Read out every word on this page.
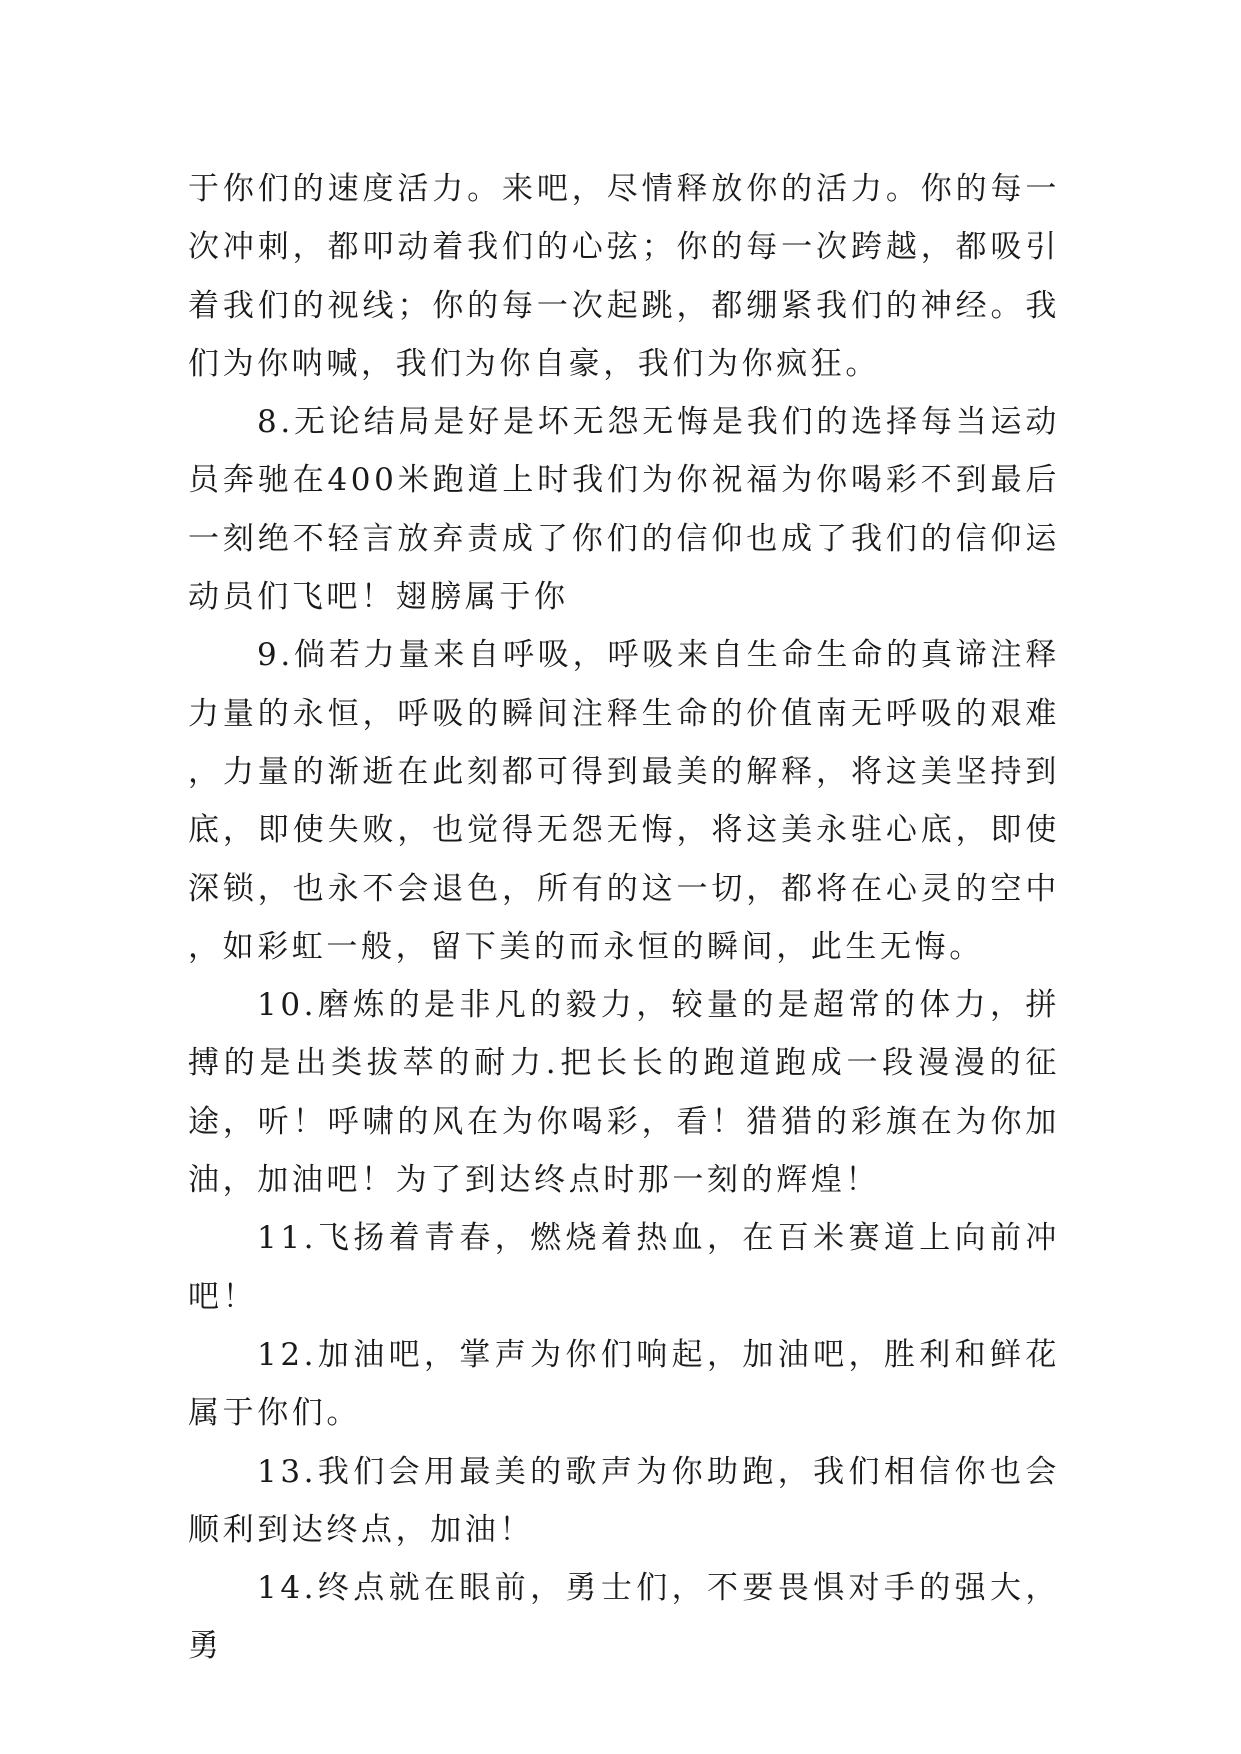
于你们的速度活力。来吧，尽情释放你的活力。你的每一次冲刺，都叩动着我们的心弦；你的每一次跨越，都吸引着我们的视线；你的每一次起跳，都绷紧我们的神经。我们为你呐喊，我们为你自豪，我们为你疯狂。

8.无论结局是好是坏无怨无悔是我们的选择每当运动员奔驰在400米跑道上时我们为你祝福为你喝彩不到最后一刻绝不轻言放弃责成了你们的信仰也成了我们的信仰运动员们飞吧！翅膀属于你

9.倘若力量来自呼吸，呼吸来自生命生命的真谛注释力量的永恒，呼吸的瞬间注释生命的价值南无呼吸的艰难，力量的渐逝在此刻都可得到最美的解释，将这美坚持到底，即使失败，也觉得无怨无悔，将这美永驻心底，即使深锁，也永不会退色，所有的这一切，都将在心灵的空中，如彩虹一般，留下美的而永恒的瞬间，此生无悔。

10.磨炼的是非凡的毅力，较量的是超常的体力，拼搏的是出类拔萃的耐力.把长长的跑道跑成一段漫漫的征途，听！呼啸的风在为你喝彩，看！猎猎的彩旗在为你加油，加油吧！为了到达终点时那一刻的辉煌！

11.飞扬着青春，燃烧着热血，在百米赛道上向前冲吧！

12.加油吧，掌声为你们响起，加油吧，胜利和鲜花属于你们。

13.我们会用最美的歌声为你助跑，我们相信你也会顺利到达终点，加油！

14.终点就在眼前，勇士们，不要畏惧对手的强大，勇
